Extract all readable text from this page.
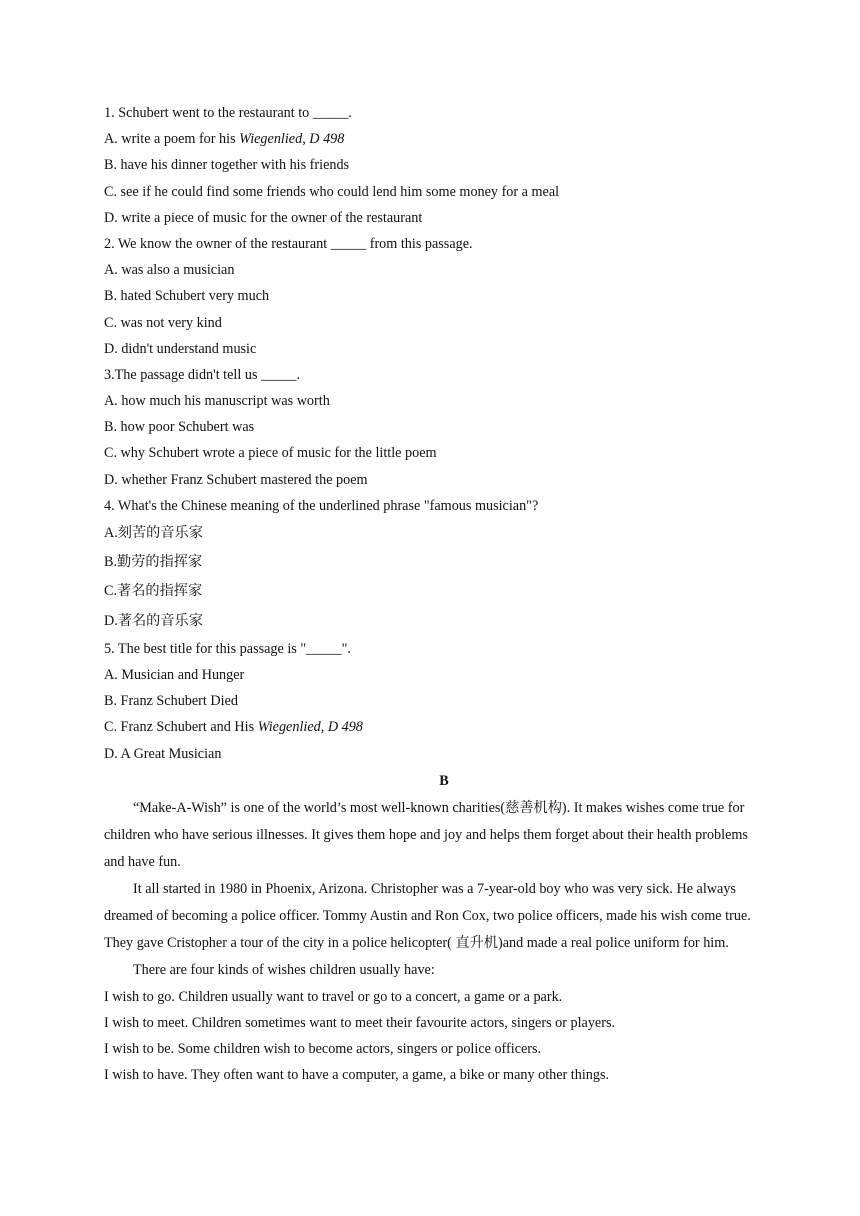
1. Schubert went to the restaurant to _____.
A. write a poem for his Wiegenlied, D 498
B. have his dinner together with his friends
C. see if he could find some friends who could lend him some money for a meal
D. write a piece of music for the owner of the restaurant
2. We know the owner of the restaurant _____ from this passage.
A. was also a musician
B. hated Schubert very much
C. was not very kind
D. didn't understand music
3.The passage didn't tell us _____.
A. how much his manuscript was worth
B. how poor Schubert was
C. why Schubert wrote a piece of music for the little poem
D. whether Franz Schubert mastered the poem
4. What's the Chinese meaning of the underlined phrase "famous musician"?
A.刻苦的音乐家
B.勤劳的指挥家
C.著名的指挥家
D.著名的音乐家
5. The best title for this passage is "_____".
A. Musician and Hunger
B. Franz Schubert Died
C. Franz Schubert and His Wiegenlied, D 498
D. A Great Musician
B

“Make-A-Wish” is one of the world’s most well-known charities(慈善机构). It makes wishes come true for children who have serious illnesses. It gives them hope and joy and helps them forget about their health problems and have fun.

It all started in 1980 in Phoenix, Arizona. Christopher was a 7-year-old boy who was very sick. He always dreamed of becoming a police officer. Tommy Austin and Ron Cox, two police officers, made his wish come true. They gave Cristopher a tour of the city in a police helicopter( 直升机)and made a real police uniform for him.

There are four kinds of wishes children usually have:

I wish to go. Children usually want to travel or go to a concert, a game or a park.
I wish to meet. Children sometimes want to meet their favourite actors, singers or players.
I wish to be. Some children wish to become actors, singers or police officers.
I wish to have. They often want to have a computer, a game, a bike or many other things.
